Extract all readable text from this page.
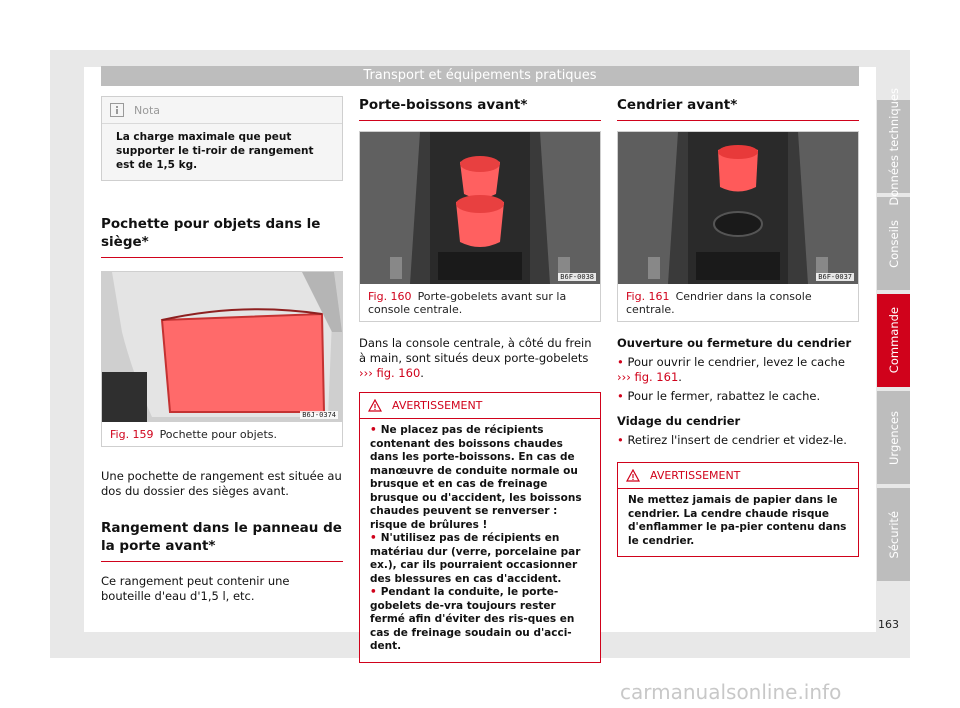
Transport et équipements pratiques
Nota
La charge maximale que peut supporter le ti-roir de rangement est de 1,5 kg.
Pochette pour objets dans le siège*
B6J-0374
Fig. 159 Pochette pour objets.

Une pochette de rangement est située au dos du dossier des sièges avant.

Rangement dans le panneau de la porte avant*

Ce rangement peut contenir une bouteille d'eau d'1,5 l, etc.

Porte-boissons avant*
B6F-0038
Fig. 160 Porte-gobelets avant sur la console centrale.

Dans la console centrale, à côté du frein à main, sont situés deux porte-gobelets ››› fig. 160.

AVERTISSEMENT
• Ne placez pas de récipients contenant des boissons chaudes dans les porte-boissons. En cas de manœuvre de conduite normale ou brusque et en cas de freinage brusque ou d'accident, les boissons chaudes peuvent se renverser : risque de brûlures !
• N'utilisez pas de récipients en matériau dur (verre, porcelaine par ex.), car ils pourraient occasionner des blessures en cas d'accident.
• Pendant la conduite, le porte-gobelets de-vra toujours rester fermé afin d'éviter des ris-ques en cas de freinage soudain ou d'acci-dent.
Cendrier avant*
B6F-0037
Fig. 161 Cendrier dans la console centrale.

Ouverture ou fermeture du cendrier

• Pour ouvrir le cendrier, levez le cache ››› fig. 161.

• Pour le fermer, rabattez le cache.

Vidage du cendrier

• Retirez l'insert de cendrier et videz-le.

AVERTISSEMENT
Ne mettez jamais de papier dans le cendrier. La cendre chaude risque d'enflammer le pa-pier contenu dans le cendrier.
Données techniques
Conseils
Commande
Urgences
Sécurité
163
carmanualsonline.info
